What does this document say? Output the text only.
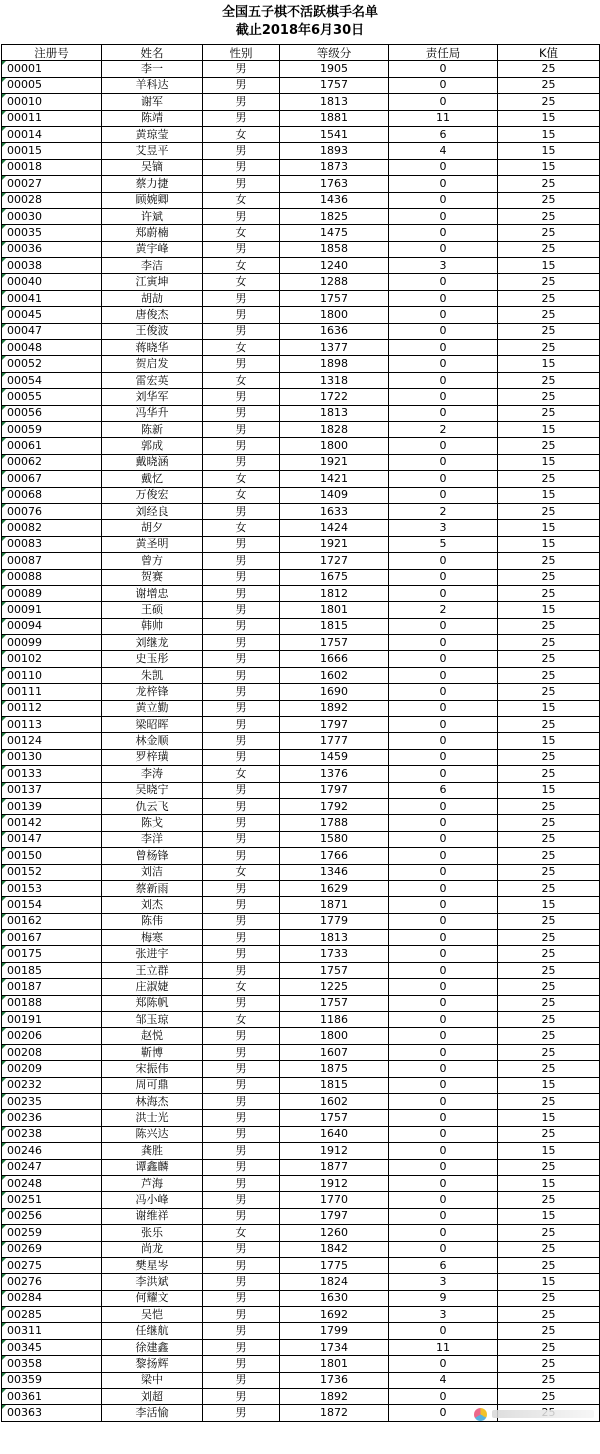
全国五子棋不活跃棋手名单
截止2018年6月30日
注册号	姓名	性别	等级分	责任局	K值
00001	李一	男	1905	0	25
00005	羊科达	男	1757	0	25
00010	谢军	男	1813	0	25
00011	陈靖	男	1881	11	15
00014	黄琼莹	女	1541	6	15
00015	艾昱平	男	1893	4	15
00018	吴镝	男	1873	0	15
00027	蔡力捷	男	1763	0	25
00028	顾婉卿	女	1436	0	25
00030	许斌	男	1825	0	25
00035	郑蔚楠	女	1475	0	25
00036	黄宇峰	男	1858	0	25
00038	李洁	女	1240	3	15
00040	江寅坤	女	1288	0	25
00041	胡劼	男	1757	0	25
00045	唐俊杰	男	1800	0	25
00047	王俊波	男	1636	0	25
00048	蒋晓华	女	1377	0	25
00052	贺启发	男	1898	0	15
00054	雷宏英	女	1318	0	25
00055	刘华军	男	1722	0	25
00056	冯华升	男	1813	0	25
00059	陈新	男	1828	2	15
00061	郭成	男	1800	0	25
00062	戴晓涵	男	1921	0	15
00067	戴忆	女	1421	0	25
00068	万俊宏	女	1409	0	15
00076	刘经良	男	1633	2	25
00082	胡夕	女	1424	3	15
00083	黄圣明	男	1921	5	15
00087	曾方	男	1727	0	25
00088	贺赛	男	1675	0	25
00089	谢增忠	男	1812	0	25
00091	王硕	男	1801	2	15
00094	韩帅	男	1815	0	25
00099	刘继龙	男	1757	0	25
00102	史玉彤	男	1666	0	25
00110	朱凯	男	1602	0	25
00111	龙梓锋	男	1690	0	25
00112	黄立勤	男	1892	0	15
00113	梁昭晖	男	1797	0	25
00124	林金顺	男	1777	0	15
00130	罗梓璜	男	1459	0	25
00133	李涛	女	1376	0	25
00137	吴晓宁	男	1797	6	15
00139	仇云飞	男	1792	0	25
00142	陈戈	男	1788	0	25
00147	李洋	男	1580	0	25
00150	曾杨锋	男	1766	0	25
00152	刘洁	女	1346	0	25
00153	蔡新雨	男	1629	0	25
00154	刘杰	男	1871	0	15
00162	陈伟	男	1779	0	25
00167	梅寒	男	1813	0	25
00175	张进宇	男	1733	0	25
00185	王立群	男	1757	0	25
00187	庄淑婕	女	1225	0	25
00188	郑陈帆	男	1757	0	25
00191	邹玉琼	女	1186	0	25
00206	赵悦	男	1800	0	25
00208	靳博	男	1607	0	25
00209	宋振伟	男	1875	0	25
00232	周可鼎	男	1815	0	15
00235	林海杰	男	1602	0	25
00236	洪士光	男	1757	0	15
00238	陈兴达	男	1640	0	25
00246	龚胜	男	1912	0	15
00247	谭鑫麟	男	1877	0	25
00248	芦海	男	1912	0	15
00251	冯小峰	男	1770	0	25
00256	谢维祥	男	1797	0	15
00259	张乐	女	1260	0	25
00269	尚龙	男	1842	0	25
00275	樊星岑	男	1775	6	25
00276	李洪斌	男	1824	3	15
00284	何耀文	男	1630	9	25
00285	吴恺	男	1692	3	25
00311	任继航	男	1799	0	25
00345	徐建鑫	男	1734	11	25
00358	黎扬辉	男	1801	0	25
00359	梁中	男	1736	4	25
00361	刘超	男	1892	0	25
00363	李活愉	男	1872	0	
